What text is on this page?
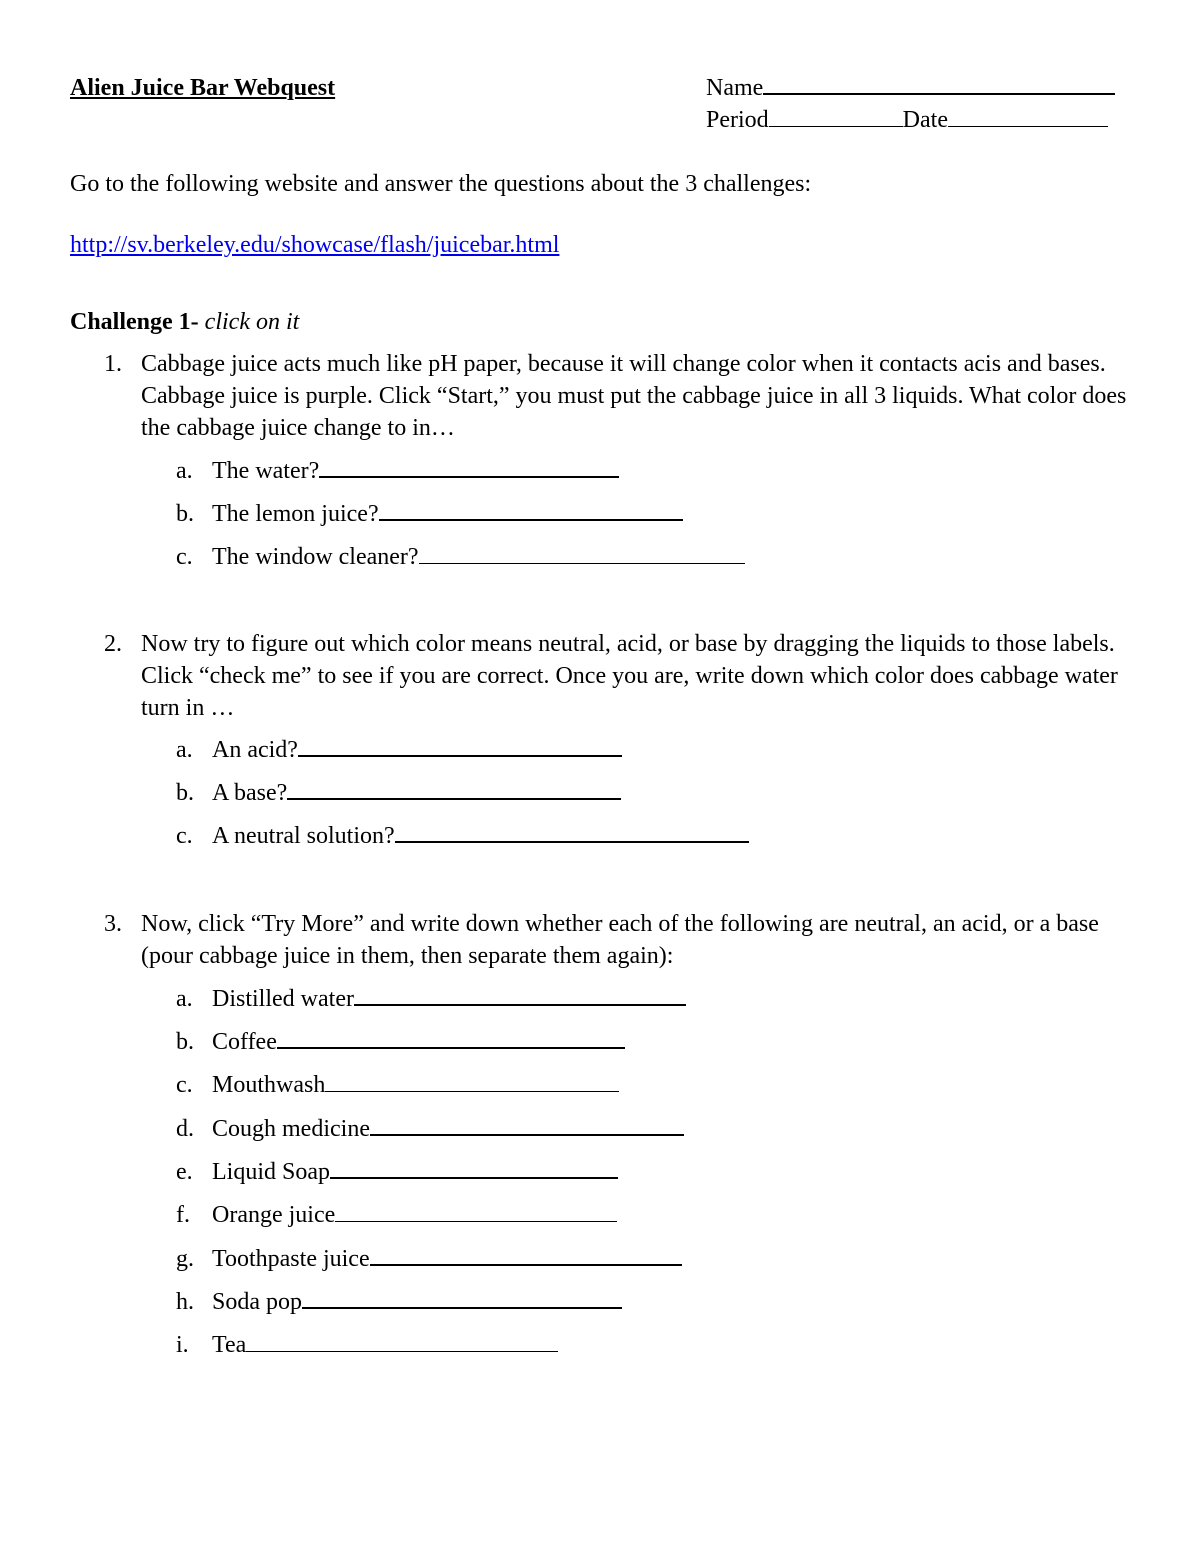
Alien Juice Bar Webquest	Name
Period	Date
Go to the following website and answer the questions about the 3 challenges:
http://sv.berkeley.edu/showcase/flash/juicebar.html
Challenge 1- click on it
1. Cabbage juice acts much like pH paper, because it will change color when it contacts acis and bases. Cabbage juice is purple. Click “Start,” you must put the cabbage juice in all 3 liquids. What color does the cabbage juice change to in…
a. The water?
b. The lemon juice?
c. The window cleaner?
2. Now try to figure out which color means neutral, acid, or base by dragging the liquids to those labels. Click “check me” to see if you are correct. Once you are, write down which color does cabbage water turn in …
a. An acid?
b. A base?
c. A neutral solution?
3. Now, click “Try More” and write down whether each of the following are neutral, an acid, or a base (pour cabbage juice in them, then separate them again):
a. Distilled water
b. Coffee
c. Mouthwash
d. Cough medicine
e. Liquid Soap
f. Orange juice
g. Toothpaste juice
h. Soda pop
i. Tea
